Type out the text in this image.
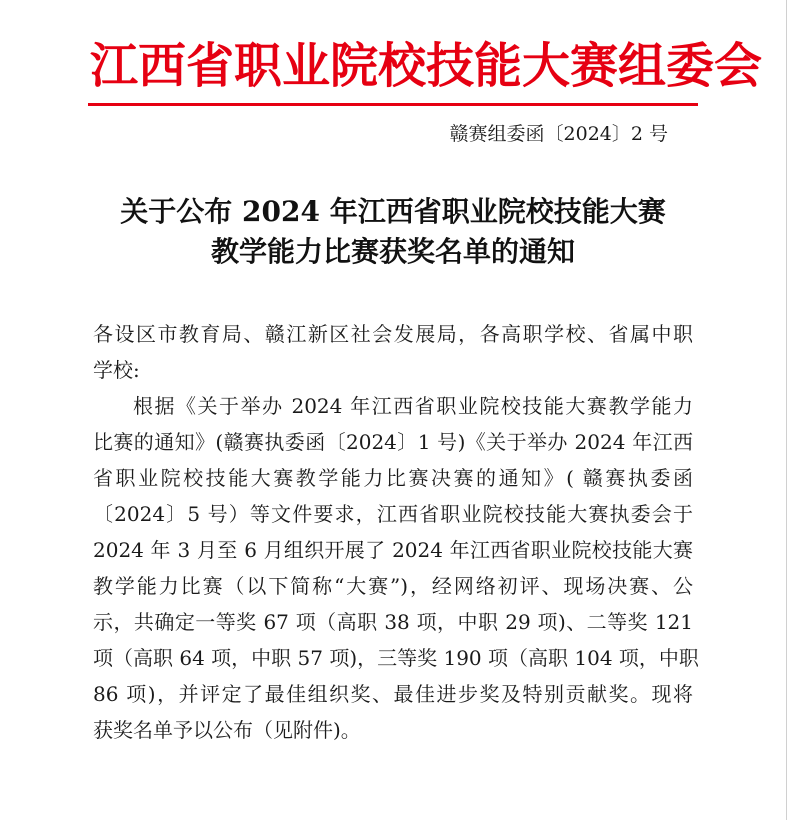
江西省职业院校技能大赛组委会
赣赛组委函〔2024〕2 号
关于公布 2024 年江西省职业院校技能大赛
教学能力比赛获奖名单的通知
各设区市教育局、赣江新区社会发展局，各高职学校、省属中职
学校:
根据《关于举办 2024 年江西省职业院校技能大赛教学能力
比赛的通知》(赣赛执委函〔2024〕1 号)《关于举办 2024 年江西
省职业院校技能大赛教学能力比赛决赛的通知》( 赣赛执委函
〔2024〕5 号）等文件要求，江西省职业院校技能大赛执委会于
2024 年 3 月至 6 月组织开展了 2024 年江西省职业院校技能大赛
教学能力比赛（以下简称“大赛”)，经网络初评、现场决赛、公
示，共确定一等奖 67 项（高职 38 项，中职 29 项)、二等奖 121
项（高职 64 项，中职 57 项)，三等奖 190 项（高职 104 项，中职
86 项)，并评定了最佳组织奖、最佳进步奖及特别贡献奖。现将
获奖名单予以公布（见附件)。
